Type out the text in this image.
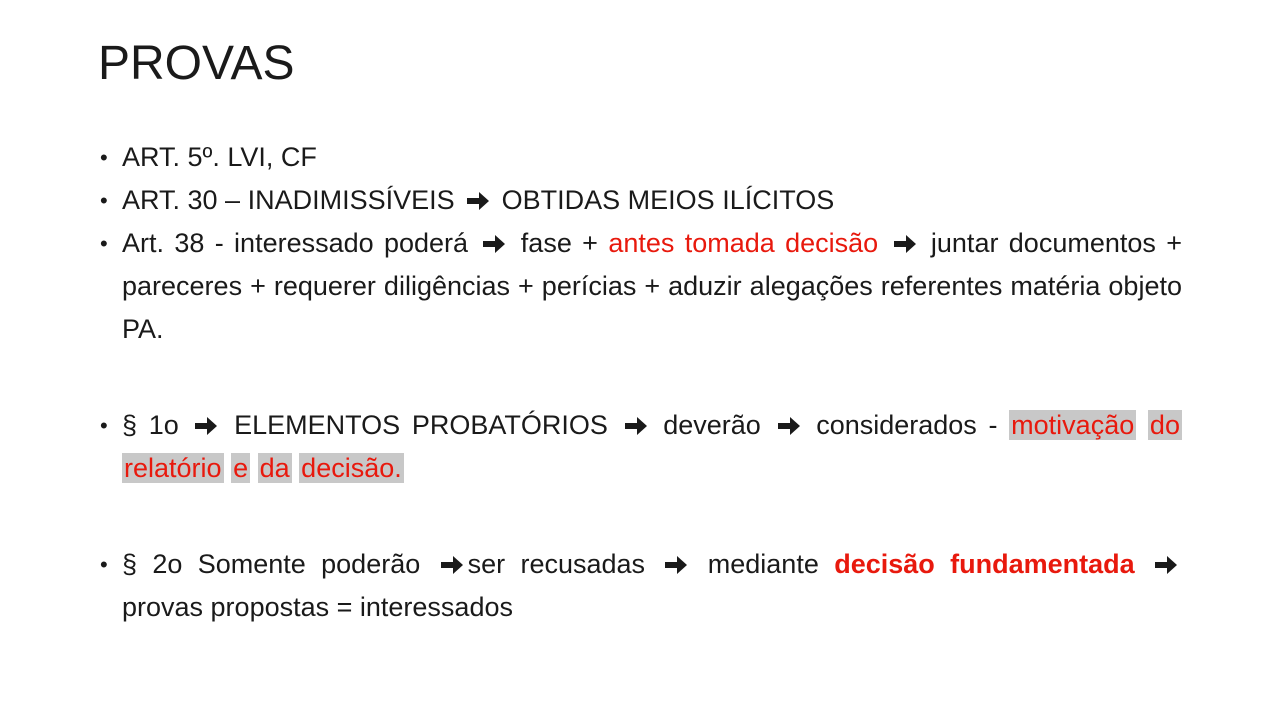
PROVAS
• ART. 5º. LVI, CF
• ART. 30 – INADIMISSÍVEIS OBTIDAS MEIOS ILÍCITOS
• Art. 38 - interessado poderá fase + antes tomada decisão juntar documentos + pareceres + requerer diligências + perícias + aduzir alegações referentes matéria objeto PA.
• § 1o ELEMENTOS PROBATÓRIOS deverão considerados - motivação do relatório e da decisão.
• § 2o Somente poderão ser recusadas mediante decisão fundamentada  provas propostas = interessados
